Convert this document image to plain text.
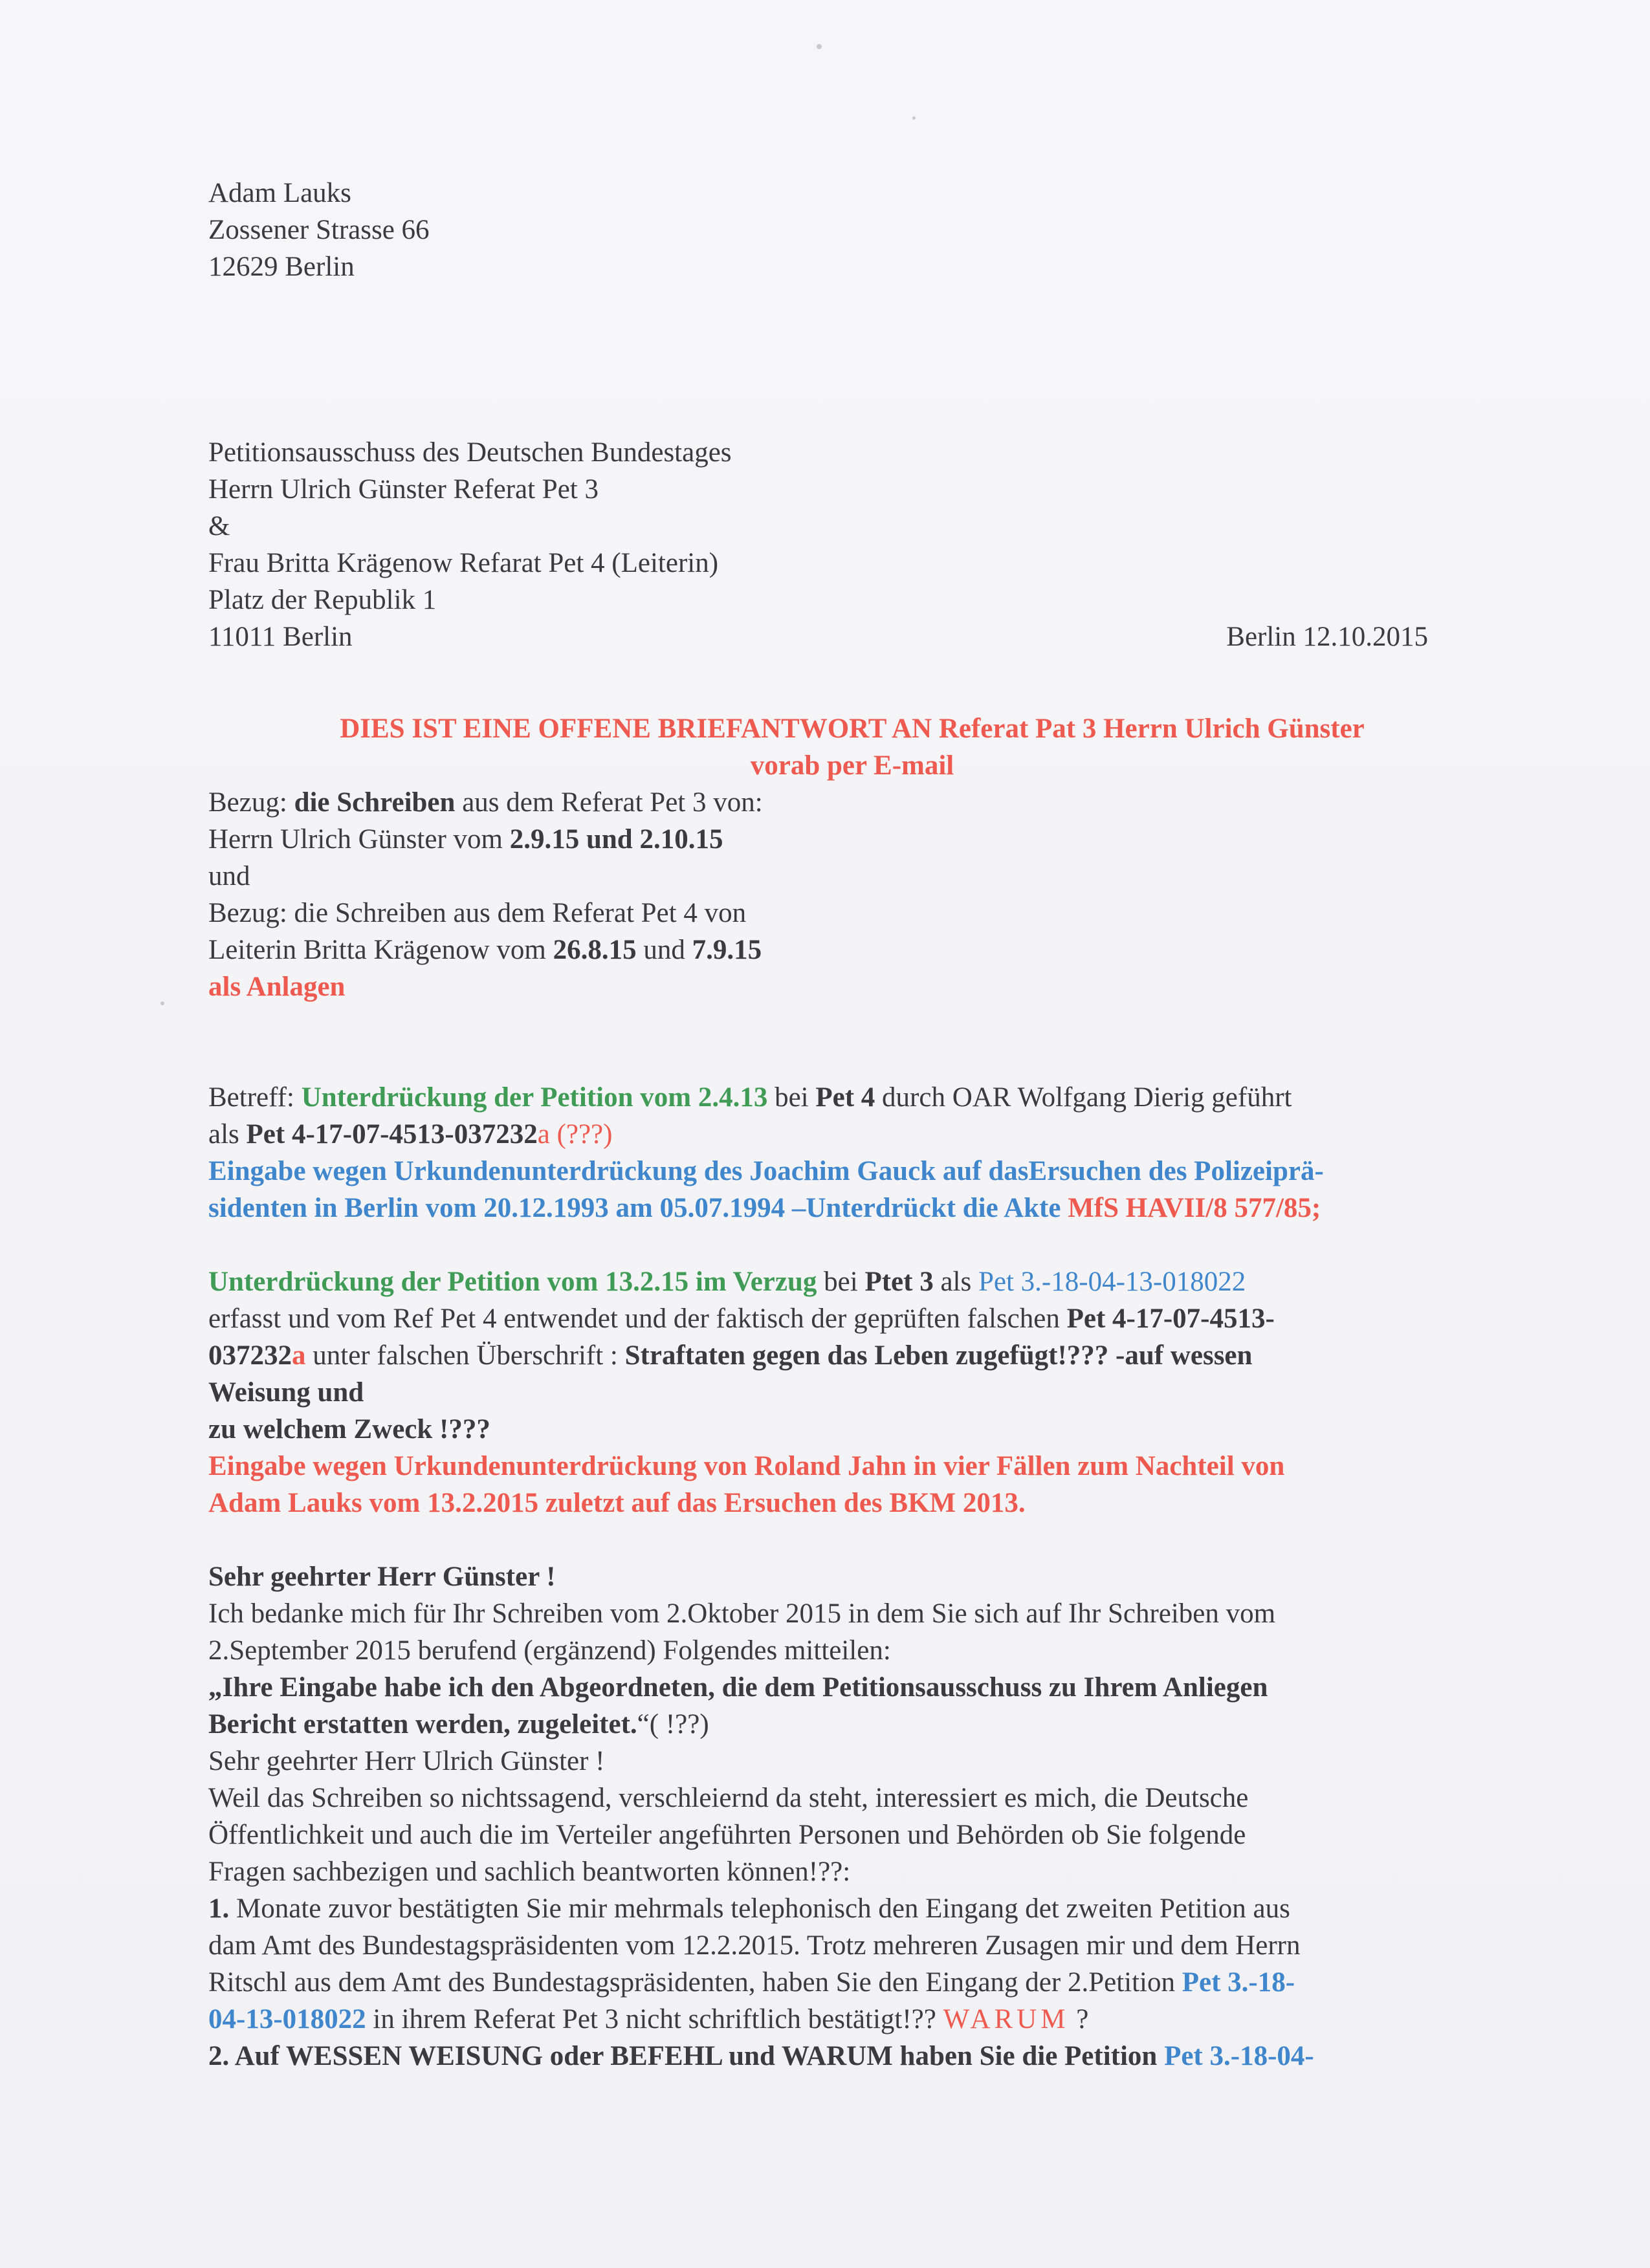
Adam Lauks
Zossener Strasse 66
12629 Berlin
Petitionsausschuss des Deutschen Bundestages
Herrn Ulrich Günster Referat Pet 3
&
Frau Britta Krägenow Refarat Pet 4 (Leiterin)
Platz der Republik 1
11011 Berlin	Berlin 12.10.2015
DIES IST EINE OFFENE BRIEFANTWORT AN Referat Pat 3 Herrn Ulrich Günster
vorab per E-mail
Bezug: die Schreiben aus dem Referat Pet 3 von:
Herrn Ulrich Günster vom 2.9.15 und 2.10.15
und
Bezug: die Schreiben aus dem Referat Pet 4 von
Leiterin Britta Krägenow vom 26.8.15 und 7.9.15
als Anlagen
Betreff: Unterdrückung der Petition vom 2.4.13 bei Pet 4 durch OAR Wolfgang Dierig geführt
als Pet 4-17-07-4513-037232a (???)
Eingabe wegen Urkundenunterdrückung des Joachim Gauck auf dasErsuchen des Polizeiprä-
sidenten in Berlin vom 20.12.1993 am 05.07.1994 –Unterdrückt die Akte MfS HAVII/8 577/85;
Unterdrückung der Petition vom 13.2.15 im Verzug bei Ptet 3 als Pet 3.-18-04-13-018022
erfasst und vom Ref Pet 4 entwendet und der faktisch der geprüften falschen Pet 4-17-07-4513-
037232a unter falschen Überschrift : Straftaten gegen das Leben zugefügt!??? -auf wessen
Weisung und
zu welchem Zweck !???
Eingabe wegen Urkundenunterdrückung von Roland Jahn in vier Fällen zum Nachteil von
Adam Lauks vom 13.2.2015 zuletzt auf das Ersuchen des BKM 2013.
Sehr geehrter Herr Günster !
Ich bedanke mich für Ihr Schreiben vom 2.Oktober 2015 in dem Sie sich auf Ihr Schreiben vom
2.September 2015 berufend (ergänzend) Folgendes mitteilen:
„Ihre Eingabe habe ich den Abgeordneten, die dem Petitionsausschuss zu Ihrem Anliegen
Bericht erstatten werden, zugeleitet.“( !??)
Sehr geehrter Herr Ulrich Günster !
Weil das Schreiben so nichtssagend, verschleiernd da steht, interessiert es mich, die Deutsche
Öffentlichkeit und auch die im Verteiler angeführten Personen und Behörden ob Sie folgende
Fragen sachbezigen und sachlich beantworten können!??:
1. Monate zuvor bestätigten Sie mir mehrmals telephonisch den Eingang det zweiten Petition aus
dam Amt des Bundestagspräsidenten vom 12.2.2015. Trotz mehreren Zusagen mir und dem Herrn
Ritschl aus dem Amt des Bundestagspräsidenten, haben Sie den Eingang der 2.Petition Pet 3.-18-
04-13-018022 in ihrem Referat Pet 3 nicht schriftlich bestätigt!?? WARUM ?
2. Auf WESSEN WEISUNG oder BEFEHL und WARUM haben Sie die Petition Pet 3.-18-04-
